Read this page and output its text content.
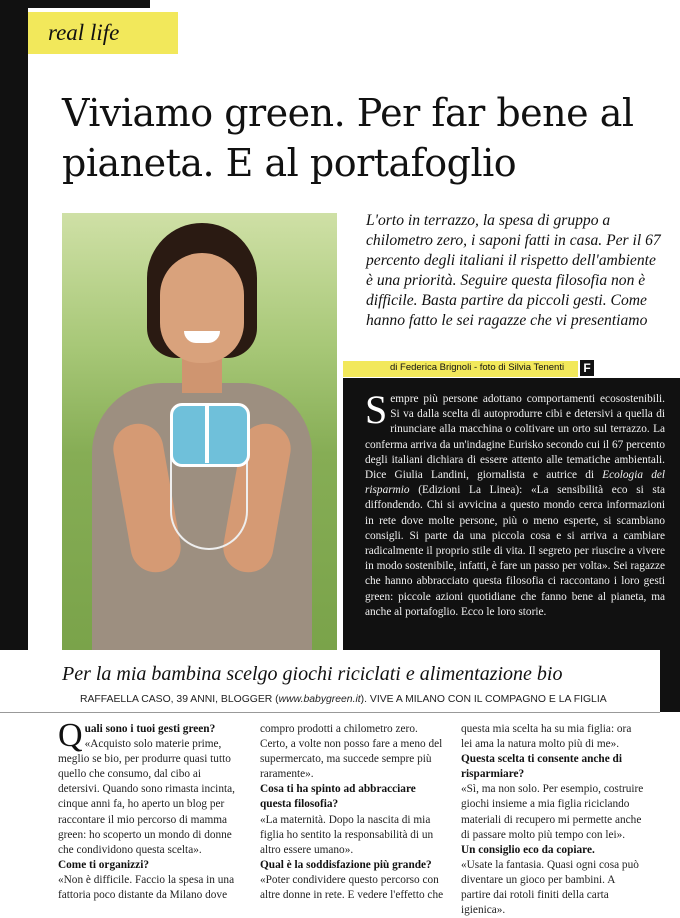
real life
Viviamo green. Per far bene al pianeta. E al portafoglio

L'orto in terrazzo, la spesa di gruppo a chilometro zero, i saponi fatti in casa. Per il 67 percento degli italiani il rispetto dell'ambiente è una priorità. Seguire questa filosofia non è difficile. Basta partire da piccoli gesti. Come hanno fatto le sei ragazze che vi presentiamo

di Federica Brignoli - foto di Silvia Tenenti F

Sempre più persone adottano comportamenti ecosostenibili. Si va dalla scelta di autoprodurre cibi e detersivi a quella di rinunciare alla macchina o coltivare un orto sul terrazzo. La conferma arriva da un'indagine Eurisko secondo cui il 67 percento degli italiani dichiara di essere attento alle tematiche ambientali. Dice Giulia Landini, giornalista e autrice di Ecologia del risparmio (Edizioni La Linea): «La sensibilità eco si sta diffondendo. Chi si avvicina a questo mondo cerca informazioni in rete dove molte persone, più o meno esperte, si scambiano consigli. Si parte da una piccola cosa e si arriva a cambiare radicalmente il proprio stile di vita. Il segreto per riuscire a vivere in modo sostenibile, infatti, è fare un passo per volta». Sei ragazze che hanno abbracciato questa filosofia ci raccontano i loro gesti green: piccole azioni quotidiane che fanno bene al pianeta, ma anche al portafoglio. Ecco le loro storie.

Per la mia bambina scelgo giochi riciclati e alimentazione bio
RAFFAELLA CASO, 39 ANNI, BLOGGER (www.babygreen.it). VIVE A MILANO CON IL COMPAGNO E LA FIGLIA

Quali sono i tuoi gesti green?

«Acquisto solo materie prime, meglio se bio, per produrre quasi tutto quello che consumo, dal cibo ai detersivi. Quando sono rimasta incinta, cinque anni fa, ho aperto un blog per raccontare il mio percorso di mamma green: ho scoperto un mondo di donne che condividono questa scelta».

Come ti organizzi?

«Non è difficile. Faccio la spesa in una fattoria poco distante da Milano dove

compro prodotti a chilometro zero. Certo, a volte non posso fare a meno del supermercato, ma succede sempre più raramente».

Cosa ti ha spinto ad abbracciare questa filosofia?

«La maternità. Dopo la nascita di mia figlia ho sentito la responsabilità di un altro essere umano».

Qual è la soddisfazione più grande?

«Poter condividere questo percorso con altre donne in rete. E vedere l'effetto che

questa mia scelta ha su mia figlia: ora lei ama la natura molto più di me».

Questa scelta ti consente anche di risparmiare?

«Sì, ma non solo. Per esempio, costruire giochi insieme a mia figlia riciclando materiali di recupero mi permette anche di passare molto più tempo con lei».

Un consiglio eco da copiare.

«Usate la fantasia. Quasi ogni cosa può diventare un gioco per bambini. A partire dai rotoli finiti della carta igienica».
